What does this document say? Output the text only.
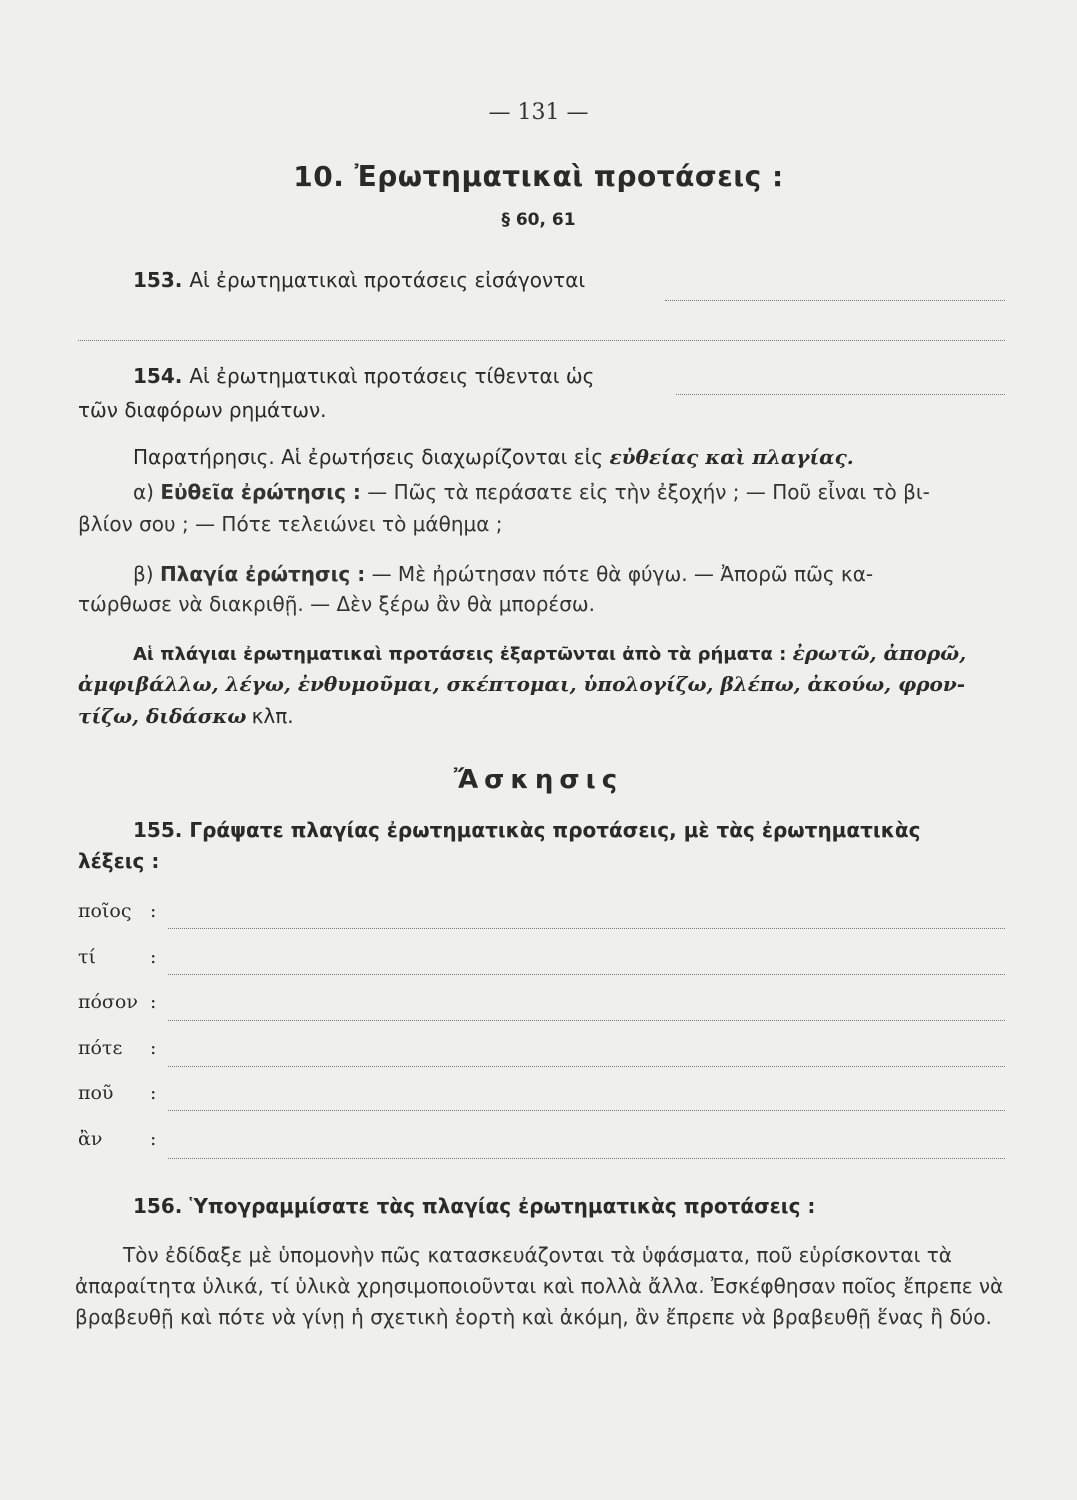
— 131 —
10. Ἐρωτηματικαὶ προτάσεις :
§ 60, 61
153. Αἱ ἐρωτηματικαὶ προτάσεις εἰσάγονται
154. Αἱ ἐρωτηματικαὶ προτάσεις τίθενται ὡς
τῶν διαφόρων ρημάτων.
Παρατήρησις. Αἱ ἐρωτήσεις διαχωρίζονται εἰς εὐθείας καὶ πλαγίας.
α) Εὐθεῖα ἐρώτησις : — Πῶς τὰ περάσατε εἰς τὴν ἐξοχήν ; — Ποῦ εἶναι τὸ βι-
βλίον σου ; — Πότε τελειώνει τὸ μάθημα ;
β) Πλαγία ἐρώτησις : — Μὲ ἠρώτησαν πότε θὰ φύγω. — Ἀπορῶ πῶς κα-
τώρθωσε νὰ διακριθῇ. — Δὲν ξέρω ἂν θὰ μπορέσω.
Αἱ πλάγιαι ἐρωτηματικαὶ προτάσεις ἐξαρτῶνται ἀπὸ τὰ ρήματα : ἐρωτῶ, ἀπορῶ,
ἀμφιβάλλω, λέγω, ἐνθυμοῦμαι, σκέπτομαι, ὑπολογίζω, βλέπω, ἀκούω, φρον-
τίζω, διδάσκω κλπ.
Ἄσκησις
155. Γράψατε πλαγίας ἐρωτηματικὰς προτάσεις, μὲ τὰς ἐρωτηματικὰς
λέξεις :
ποῖος :
τί	:
πόσον :
πότε :
ποῦ :
ἂν	:
156. Ὑπογραμμίσατε τὰς πλαγίας ἐρωτηματικὰς προτάσεις :
Τὸν ἐδίδαξε μὲ ὑπομονὴν πῶς κατασκευάζονται τὰ ὑφάσματα, ποῦ εὑρίσκονται τὰ ἀπαραίτητα ὑλικά, τί ὑλικὰ χρησιμοποιοῦνται καὶ πολλὰ ἄλλα. Ἐσκέφθησαν ποῖος ἔπρεπε νὰ βραβευθῇ καὶ πότε νὰ γίνῃ ἡ σχετικὴ ἑορτὴ καὶ ἀκόμη, ἂν ἔπρεπε νὰ βραβευθῇ ἕνας ἢ δύο.
